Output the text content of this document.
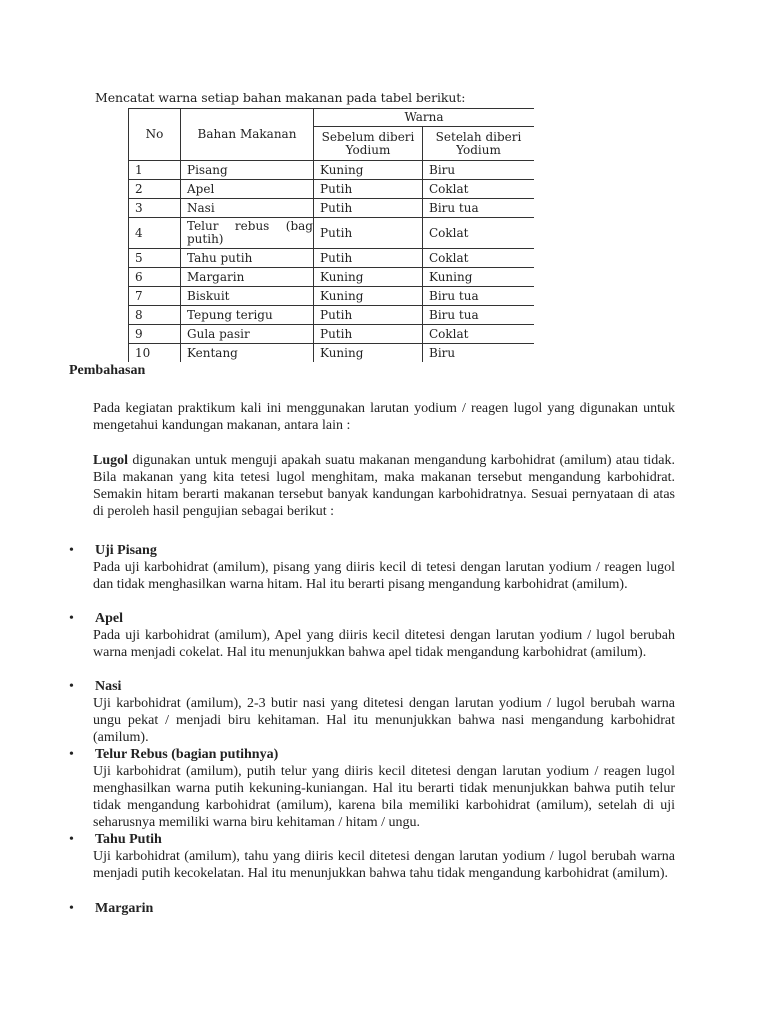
Mencatat warna setiap bahan makanan pada tabel berikut:
No	Bahan Makanan	Warna		
		Sebelum diberi Yodium	Setelah diberi Yodium	
1	Pisang	Kuning	Biru	
2	Apel	Putih	Coklat	
3	Nasi	Putih	Biru tua	
4	Telur rebus (bag putih)	Putih	Coklat	
5	Tahu putih	Putih	Coklat	
6	Margarin	Kuning	Kuning	
7	Biskuit	Kuning	Biru tua	
8	Tepung terigu	Putih	Biru tua	
9	Gula pasir	Putih	Coklat	
10	Kentang	Kuning	Biru	
Pembahasan
Pada kegiatan praktikum kali ini menggunakan larutan yodium / reagen lugol yang digunakan untuk mengetahui kandungan makanan, antara lain :
Lugol digunakan untuk menguji apakah suatu makanan mengandung karbohidrat (amilum) atau tidak. Bila makanan yang kita tetesi lugol menghitam, maka makanan tersebut mengandung karbohidrat. Semakin hitam berarti makanan tersebut banyak kandungan karbohidratnya. Sesuai pernyataan di atas di peroleh hasil pengujian sebagai berikut :
• Uji Pisang
Pada uji karbohidrat (amilum), pisang yang diiris kecil di tetesi dengan larutan yodium / reagen lugol dan tidak menghasilkan warna hitam. Hal itu berarti pisang mengandung karbohidrat (amilum).
• Apel
Pada uji karbohidrat (amilum), Apel yang diiris kecil ditetesi dengan larutan yodium / lugol berubah warna menjadi cokelat. Hal itu menunjukkan bahwa apel tidak mengandung karbohidrat (amilum).
• Nasi
Uji karbohidrat (amilum), 2-3 butir nasi yang ditetesi dengan larutan yodium / lugol berubah warna ungu pekat / menjadi biru kehitaman. Hal itu menunjukkan bahwa nasi mengandung karbohidrat (amilum).
• Telur Rebus (bagian putihnya)
Uji karbohidrat (amilum), putih telur yang diiris kecil ditetesi dengan larutan yodium / reagen lugol menghasilkan warna putih kekuning-kuniangan. Hal itu berarti tidak menunjukkan bahwa putih telur tidak mengandung karbohidrat (amilum), karena bila memiliki karbohidrat (amilum), setelah di uji seharusnya memiliki warna biru kehitaman / hitam / ungu.
• Tahu Putih
Uji karbohidrat (amilum), tahu yang diiris kecil ditetesi dengan larutan yodium / lugol berubah warna menjadi putih kecokelatan. Hal itu menunjukkan bahwa tahu tidak mengandung karbohidrat (amilum).
• Margarin
